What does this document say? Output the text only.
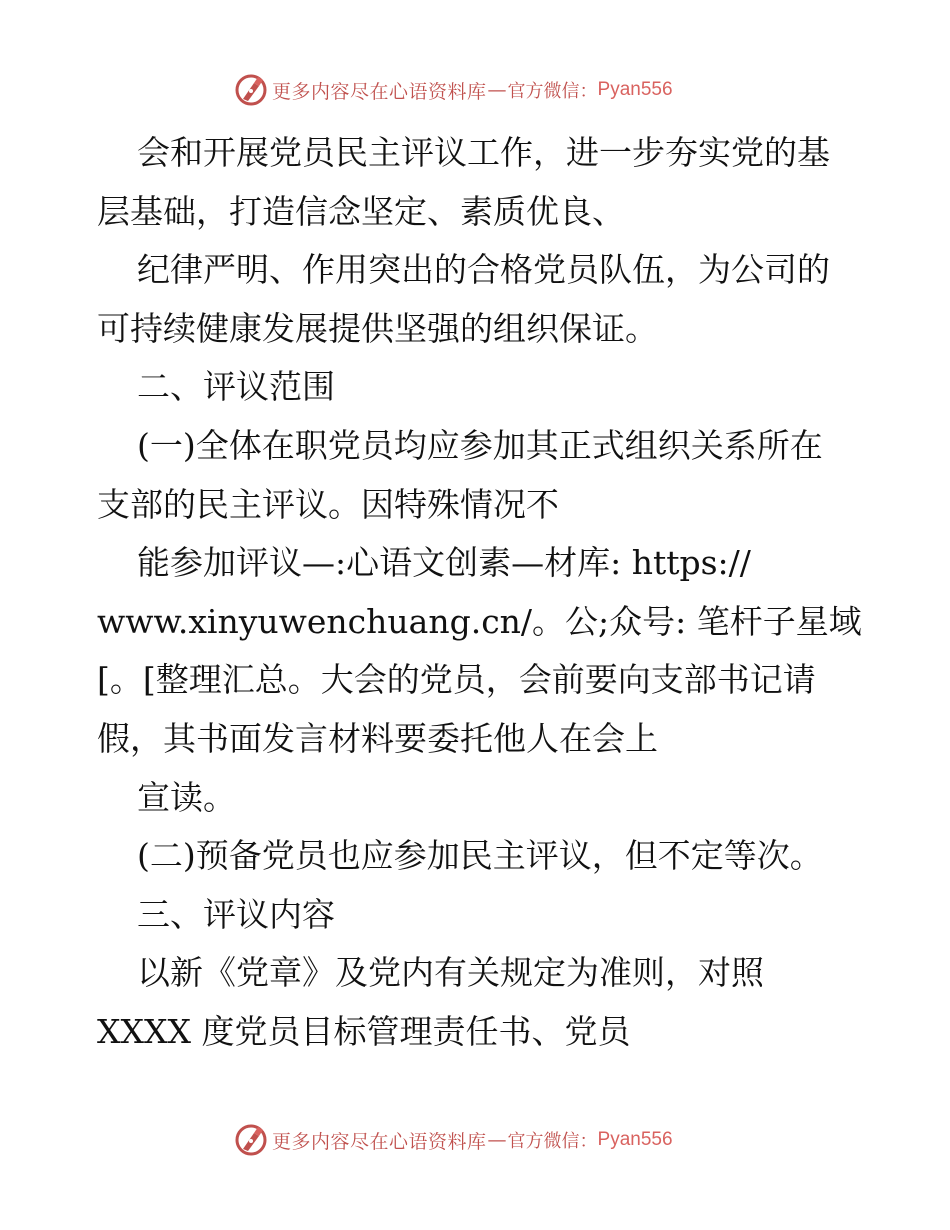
更多内容尽在心语资料库 — 官方微信： Pyan556
会和开展党员民主评议工作，进一步夯实党的基
层基础，打造信念坚定、素质优良、
纪律严明、作用突出的合格党员队伍，为公司的
可持续健康发展提供坚强的组织保证。
二、评议范围
(一)全体在职党员均应参加其正式组织关系所在
支部的民主评议。因特殊情况不
能参加评议—:心语文创素—材库: https://
www.xinyuwenchuang.cn/。公;众号: 笔杆子星域
[。[整理汇总。大会的党员，会前要向支部书记请
假，其书面发言材料要委托他人在会上
宣读。
(二)预备党员也应参加民主评议，但不定等次。
三、评议内容
以新《党章》及党内有关规定为准则，对照
XXXX 度党员目标管理责任书、党员
更多内容尽在心语资料库 — 官方微信： Pyan556
